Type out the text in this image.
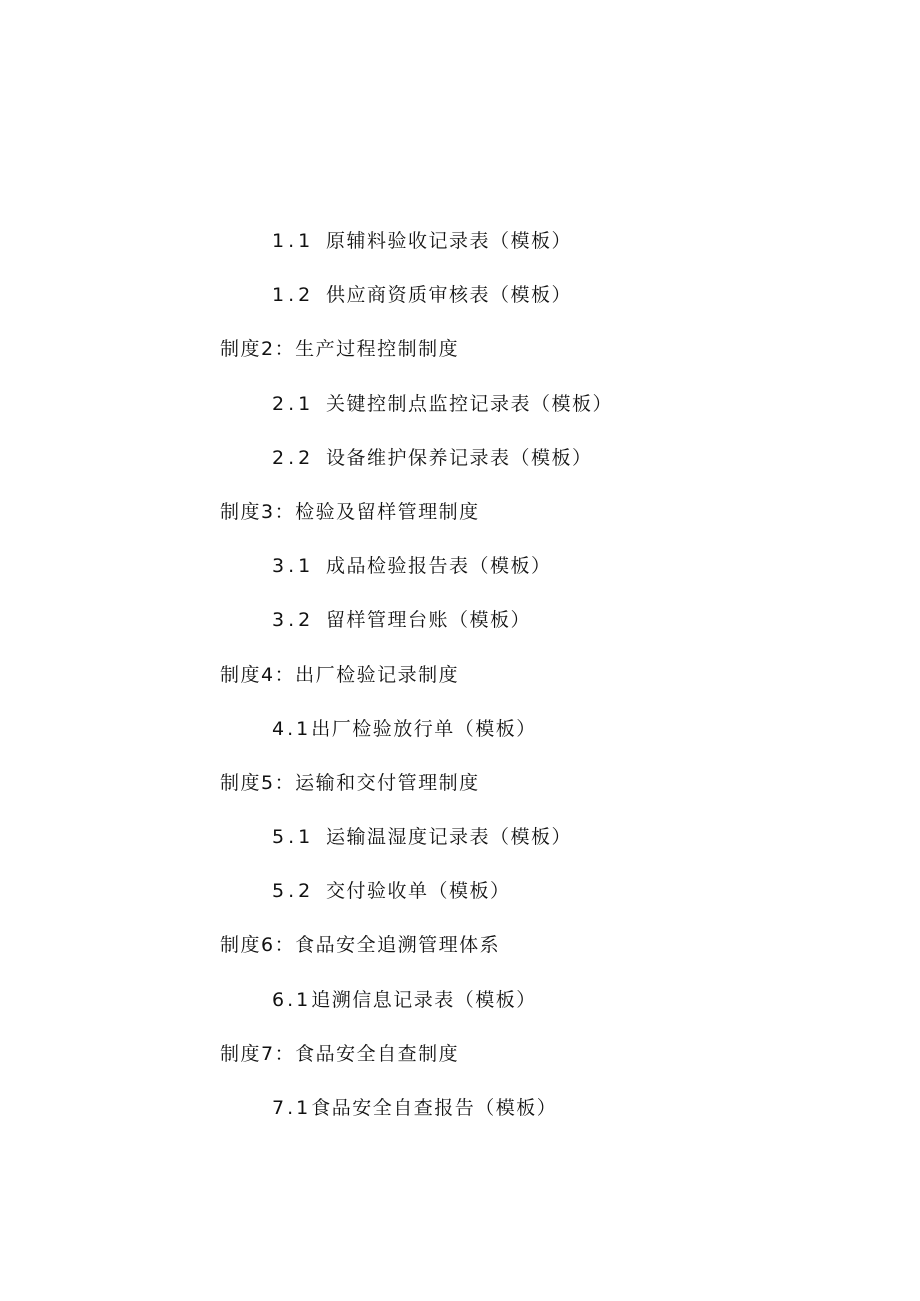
1.1 原辅料验收记录表（模板）
1.2 供应商资质审核表（模板）
制度2：生产过程控制制度
2.1 关键控制点监控记录表（模板）
2.2 设备维护保养记录表（模板）
制度3：检验及留样管理制度
3.1 成品检验报告表（模板）
3.2 留样管理台账（模板）
制度4：出厂检验记录制度
4.1出厂检验放行单（模板）
制度5：运输和交付管理制度
5.1 运输温湿度记录表（模板）
5.2 交付验收单（模板）
制度6：食品安全追溯管理体系
6.1追溯信息记录表（模板）
制度7：食品安全自查制度
7.1食品安全自查报告（模板）
